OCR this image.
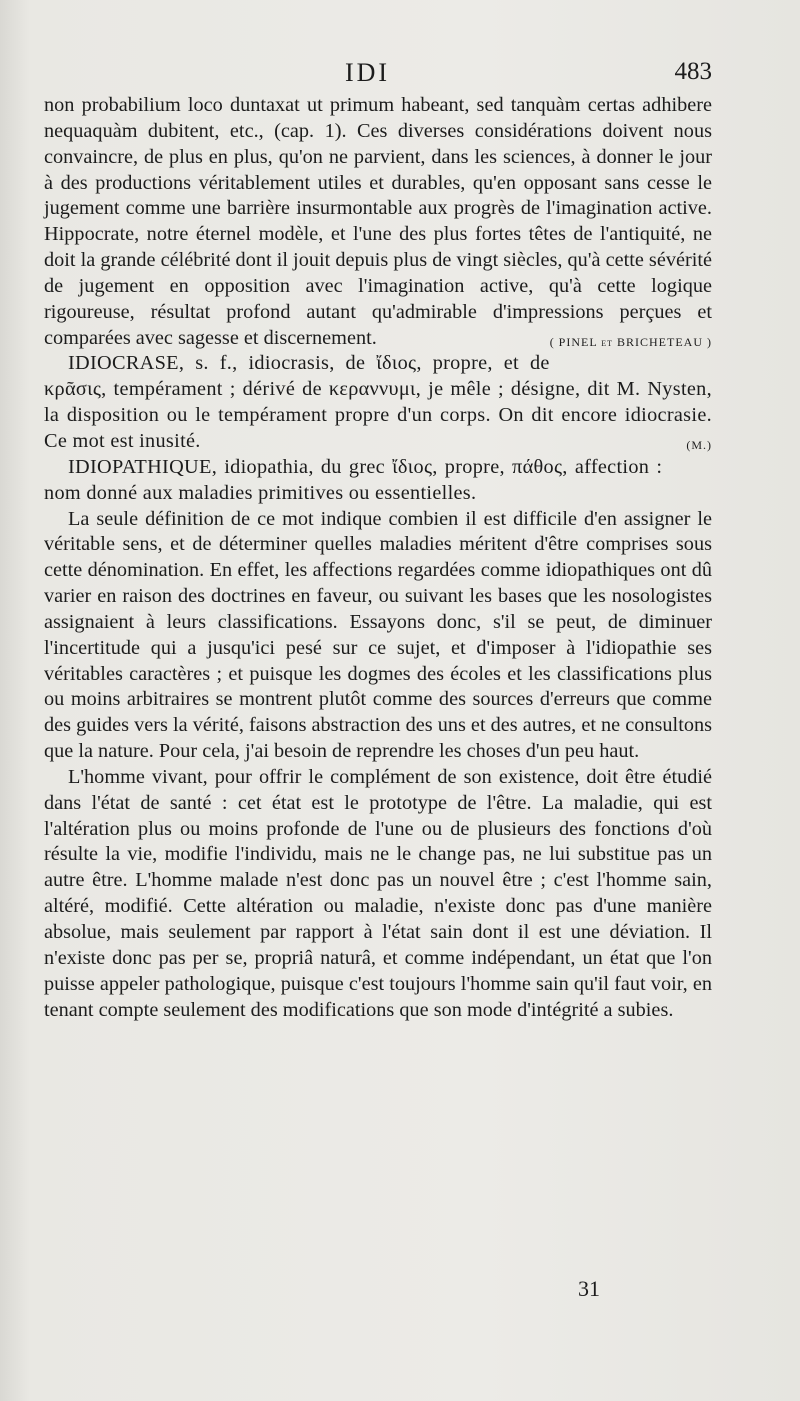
IDI	483

non probabilium loco duntaxat ut primum habeant, sed tanquàm certas adhibere nequaquàm dubitent, etc., (cap. 1). Ces diverses considérations doivent nous convaincre, de plus en plus, qu'on ne parvient, dans les sciences, à donner le jour à des productions véritablement utiles et durables, qu'en opposant sans cesse le jugement comme une barrière insurmontable aux progrès de l'imagination active. Hippocrate, notre éternel modèle, et l'une des plus fortes têtes de l'antiquité, ne doit la grande célébrité dont il jouit depuis plus de vingt siècles, qu'à cette sévérité de jugement en opposition avec l'imagination active, qu'à cette logique rigoureuse, résultat profond autant qu'admirable d'impressions perçues et comparées avec sagesse et discernement.	( PINEL et BRICHETEAU )

IDIOCRASE, s. f., idiocrasis, de ἴδιος, propre, et de κρᾶσις, tempérament ; dérivé de κεραννυμι, je mêle ; désigne, dit M. Nysten, la disposition ou le tempérament propre d'un corps. On dit encore idiocrasie. Ce mot est inusité.	(M.)

IDIOPATHIQUE, idiopathia, du grec ἴδιος, propre, πάθος, affection : nom donné aux maladies primitives ou essentielles.

La seule définition de ce mot indique combien il est difficile d'en assigner le véritable sens, et de déterminer quelles maladies méritent d'être comprises sous cette dénomination. En effet, les affections regardées comme idiopathiques ont dû varier en raison des doctrines en faveur, ou suivant les bases que les nosologistes assignaient à leurs classifications. Essayons donc, s'il se peut, de diminuer l'incertitude qui a jusqu'ici pesé sur ce sujet, et d'imposer à l'idiopathie ses véritables caractères ; et puisque les dogmes des écoles et les classifications plus ou moins arbitraires se montrent plutôt comme des sources d'erreurs que comme des guides vers la vérité, faisons abstraction des uns et des autres, et ne consultons que la nature. Pour cela, j'ai besoin de reprendre les choses d'un peu haut.

L'homme vivant, pour offrir le complément de son existence, doit être étudié dans l'état de santé : cet état est le prototype de l'être. La maladie, qui est l'altération plus ou moins profonde de l'une ou de plusieurs des fonctions d'où résulte la vie, modifie l'individu, mais ne le change pas, ne lui substitue pas un autre être. L'homme malade n'est donc pas un nouvel être ; c'est l'homme sain, altéré, modifié. Cette altération ou maladie, n'existe donc pas d'une manière absolue, mais seulement par rapport à l'état sain dont il est une déviation. Il n'existe donc pas per se, propriâ naturâ, et comme indépendant, un état que l'on puisse appeler pathologique, puisque c'est toujours l'homme sain qu'il faut voir, en tenant compte seulement des modifications que son mode d'intégrité a subies.

31
